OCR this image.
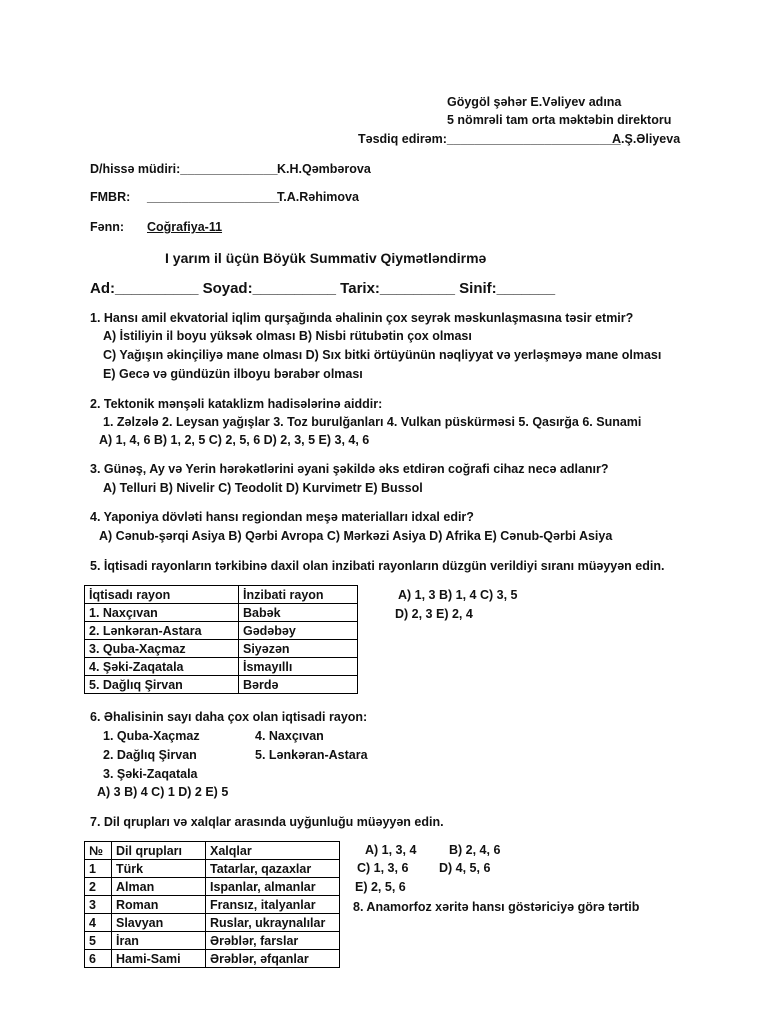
Göygöl şəhər E.Vəliyev adına
5 nömrəli tam orta məktəbin direktoru
Təsdiq edirəm:_________________________
A.Ş.Əliyeva
D/hissə müdiri:______________ K.H.Qəmbərova
FMBR: ___________________
T.A.Rəhimova
Fənn: Coğrafiya-11
I yarım il üçün Böyük Summativ Qiymətləndirmə
Ad:__________ Soyad:__________ Tarix:_________ Sinif:_______
1. Hansı amil ekvatorial iqlim qurşağında əhalinin çox seyrək məskunlaşmasına təsir etmir?
A) İstiliyin il boyu yüksək olması B) Nisbi rütubətin çox olması
C) Yağışın əkinçiliyə mane olması D) Sıx bitki örtüyünün nəqliyyat və yerləşməyə mane olması
E) Gecə və gündüzün ilboyu bərabər olması
2. Tektonik mənşəli kataklizm hadisələrinə aiddir:
1. Zəlzələ 2. Leysan yağışlar 3. Toz burulğanları 4. Vulkan püskürməsi 5. Qasırğa 6. Sunami
A) 1, 4, 6 B) 1, 2, 5 C) 2, 5, 6 D) 2, 3, 5 E) 3, 4, 6
3. Günəş, Ay və Yerin hərəkətlərini əyani şəkildə əks etdirən coğrafi cihaz necə adlanır?
A) Telluri B) Nivelir C) Teodolit D) Kurvimetr E) Bussol
4. Yaponiya dövləti hansı regiondan meşə materialları idxal edir?
A) Cənub-şərqi Asiya B) Qərbi Avropa C) Mərkəzi Asiya D) Afrika E) Cənub-Qərbi Asiya
5. İqtisadi rayonların tərkibinə daxil olan inzibati rayonların düzgün verildiyi sıranı müəyyən edin.
İqtisadı rayon	İnzibati rayon
1. Naxçıvan	Babək
2. Lənkəran-Astara	Gədəbəy
3. Quba-Xaçmaz	Siyəzən
4. Şəki-Zaqatala	İsmayıllı
5. Dağlıq Şirvan	Bərdə
A) 1, 3 B) 1, 4 C) 3, 5
D) 2, 3 E) 2, 4
6. Əhalisinin sayı daha çox olan iqtisadi rayon:
1. Quba-Xaçmaz	4. Naxçıvan
2. Dağlıq Şirvan	5. Lənkəran-Astara
3. Şəki-Zaqatala
A) 3 B) 4 C) 1 D) 2 E) 5
7. Dil qrupları və xalqlar arasında uyğunluğu müəyyən edin.
№	Dil qrupları	Xalqlar
1	Türk	Tatarlar, qazaxlar
2	Alman	Ispanlar, almanlar
3	Roman	Fransız, italyanlar
4	Slavyan	Ruslar, ukraynalılar
5	İran	Ərəblər, farslar
6	Hami-Sami	Ərəblər, əfqanlar
A) 1, 3, 4	B) 2, 4, 6
C) 1, 3, 6 D) 4, 5, 6
E) 2, 5, 6
8. Anamorfoz xəritə hansı göstəriciyə görə tərtib
